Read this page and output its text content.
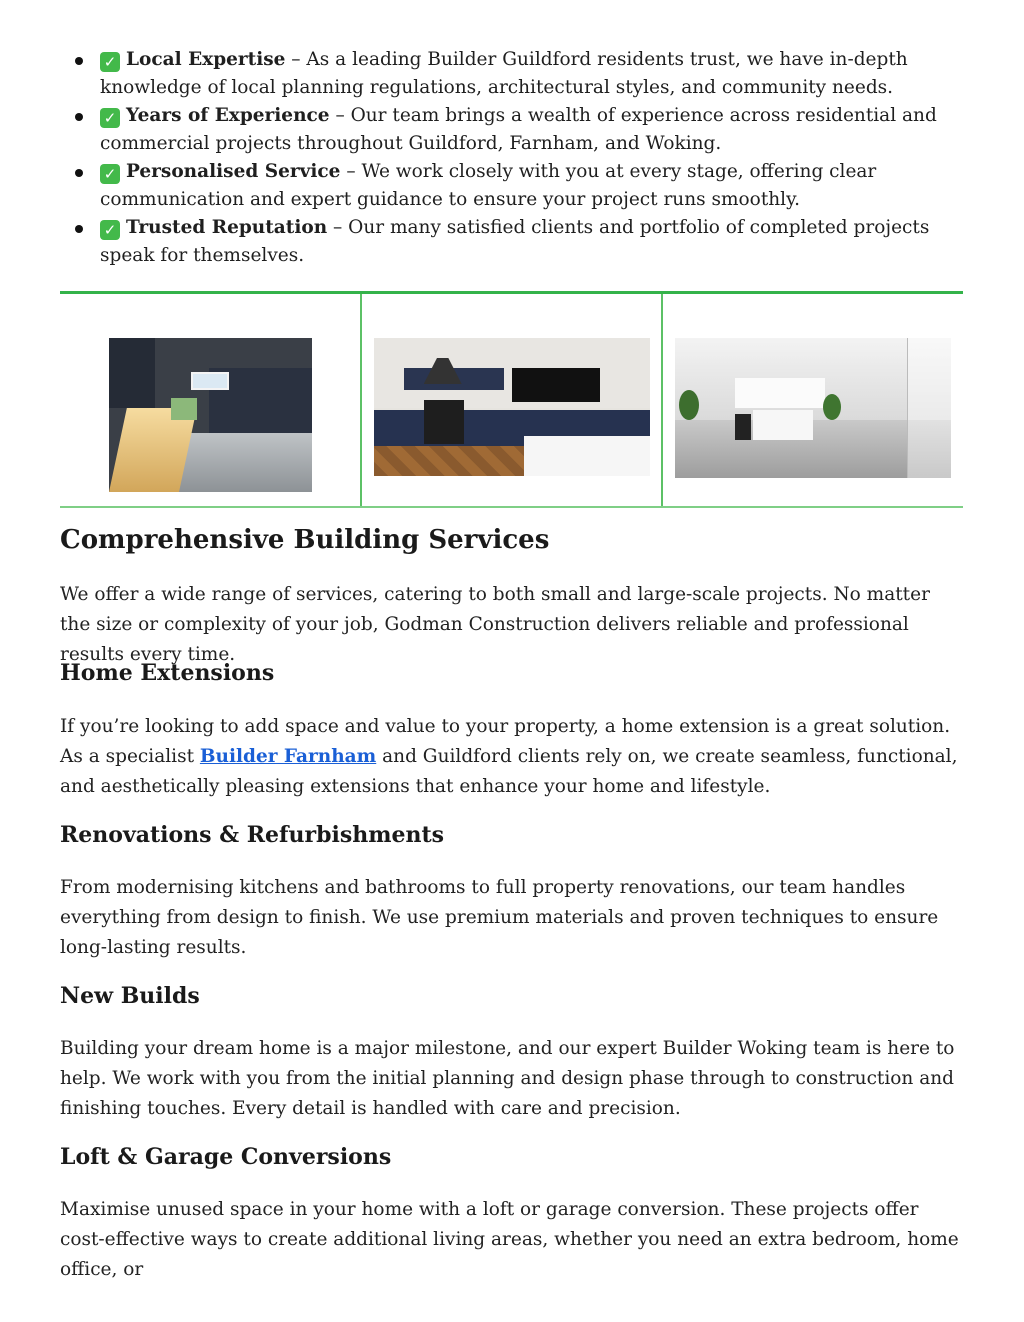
✓ Local Expertise – As a leading Builder Guildford residents trust, we have in-depth knowledge of local planning regulations, architectural styles, and community needs.
✓ Years of Experience – Our team brings a wealth of experience across residential and commercial projects throughout Guildford, Farnham, and Woking.
✓ Personalised Service – We work closely with you at every stage, offering clear communication and expert guidance to ensure your project runs smoothly.
✓ Trusted Reputation – Our many satisfied clients and portfolio of completed projects speak for themselves.
Comprehensive Building Services

We offer a wide range of services, catering to both small and large-scale projects. No matter the size or complexity of your job, Godman Construction delivers reliable and professional results every time.

Home Extensions

If you’re looking to add space and value to your property, a home extension is a great solution. As a specialist Builder Farnham and Guildford clients rely on, we create seamless, functional, and aesthetically pleasing extensions that enhance your home and lifestyle.

Renovations & Refurbishments

From modernising kitchens and bathrooms to full property renovations, our team handles everything from design to finish. We use premium materials and proven techniques to ensure long-lasting results.

New Builds

Building your dream home is a major milestone, and our expert Builder Woking team is here to help. We work with you from the initial planning and design phase through to construction and finishing touches. Every detail is handled with care and precision.

Loft & Garage Conversions

Maximise unused space in your home with a loft or garage conversion. These projects offer cost-effective ways to create additional living areas, whether you need an extra bedroom, home office, or
